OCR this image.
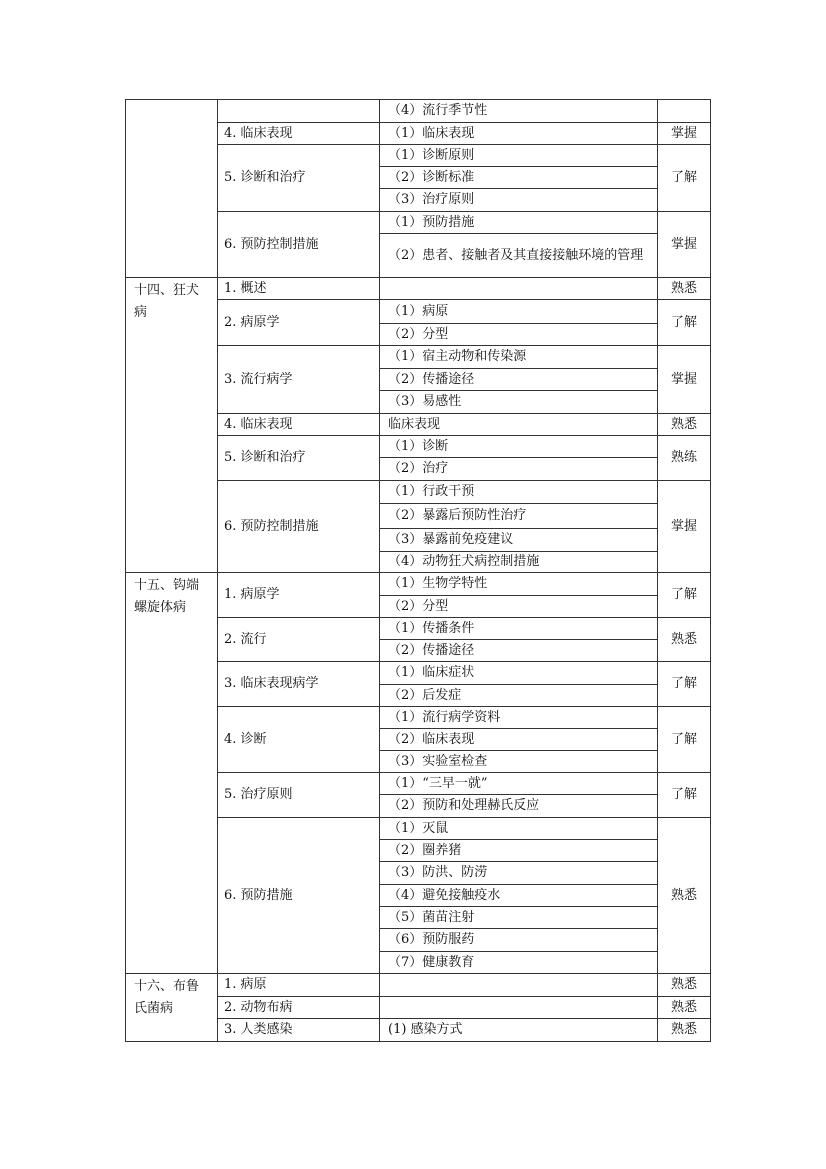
		（4）流行季节性	
	4. 临床表现	（1）临床表现	掌握
	5. 诊断和治疗	（1）诊断原则	了解
		（2）诊断标准	
		（3）治疗原则	
	6. 预防控制措施	（1）预防措施	掌握
		（2）患者、接触者及其直接接触环境的管理	
十四、狂犬病	1. 概述		熟悉
	2. 病原学	（1）病原	了解
		（2）分型	
	3. 流行病学	（1）宿主动物和传染源	掌握
		（2）传播途径	
		（3）易感性	
	4. 临床表现	临床表现	熟悉
	5. 诊断和治疗	（1）诊断	熟练
		（2）治疗	
	6. 预防控制措施	（1）行政干预	掌握
		（2）暴露后预防性治疗	
		（3）暴露前免疫建议	
		（4）动物狂犬病控制措施	
十五、钩端螺旋体病	1. 病原学	（1）生物学特性	了解
		（2）分型	
	2. 流行	（1）传播条件	熟悉
		（2）传播途径	
	3. 临床表现病学	（1）临床症状	了解
		（2）后发症	
	4. 诊断	（1）流行病学资料	了解
		（2）临床表现	
		（3）实验室检查	
	5. 治疗原则	（1）“三早一就”	了解
		（2）预防和处理赫氏反应	
	6. 预防措施	（1）灭鼠	熟悉
		（2）圈养猪	
		（3）防洪、防涝	
		（4）避免接触疫水	
		（5）菌苗注射	
		（6）预防服药	
		（7）健康教育	
十六、布鲁氏菌病	1. 病原		熟悉
	2. 动物布病		熟悉
	3. 人类感染	(1) 感染方式	熟悉
